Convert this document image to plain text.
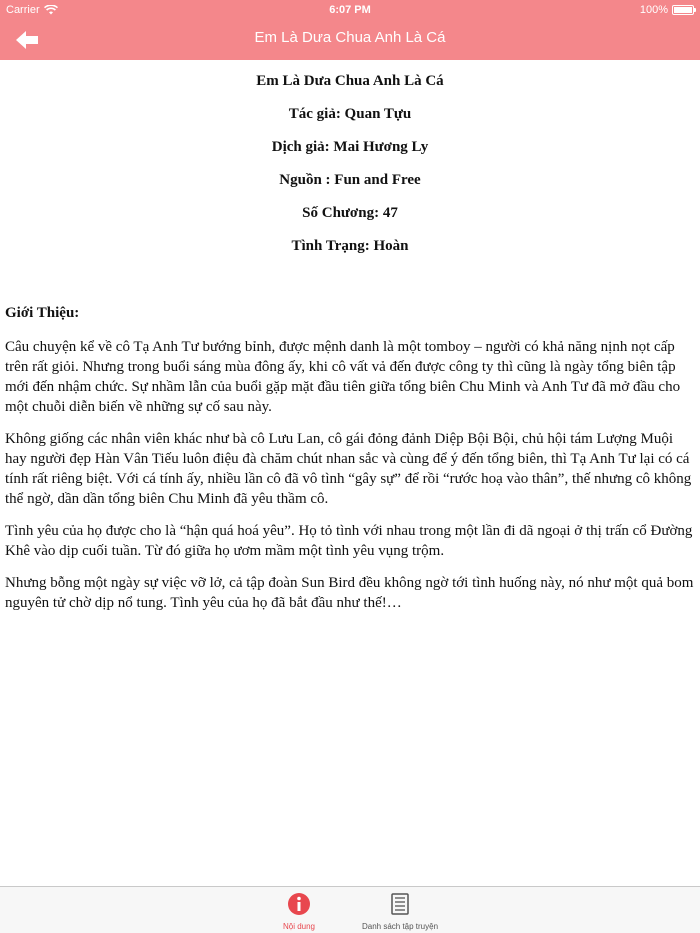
Carrier	6:07 PM	100%
Em Là Dưa Chua Anh Là Cá
Em Là Dưa Chua Anh Là Cá
Tác giả: Quan Tựu
Dịch giả: Mai Hương Ly
Nguồn : Fun and Free
Số Chương: 47
Tình Trạng: Hoàn
Giới Thiệu:

Câu chuyện kể về cô Tạ Anh Tư bướng bỉnh, được mệnh danh là một tomboy – người có khả năng nịnh nọt cấp trên rất giỏi. Nhưng trong buổi sáng mùa đông ấy, khi cô vất vả đến được công ty thì cũng là ngày tổng biên tập mới đến nhậm chức. Sự nhầm lẫn của buổi gặp mặt đầu tiên giữa tổng biên Chu Minh và Anh Tư đã mở đầu cho một chuỗi diễn biến về những sự cố sau này.

Không giống các nhân viên khác như bà cô Lưu Lan, cô gái đỏng đảnh Diệp Bội Bội, chủ hội tám Lượng Muội hay người đẹp Hàn Vân Tiếu luôn điệu đà chăm chút nhan sắc và cùng để ý đến tổng biên, thì Tạ Anh Tư lại có cá tính rất riêng biệt. Với cá tính ấy, nhiều lần cô đã vô tình “gây sự” để rồi “rước hoạ vào thân”, thế nhưng cô không thể ngờ, dần dần tổng biên Chu Minh đã yêu thầm cô.

Tình yêu của họ được cho là “hận quá hoá yêu”. Họ tỏ tình với nhau trong một lần đi dã ngoại ở thị trấn cổ Đường Khê vào dịp cuối tuần. Từ đó giữa họ ươm mầm một tình yêu vụng trộm.

Nhưng bỗng một ngày sự việc vỡ lở, cả tập đoàn Sun Bird đều không ngờ tới tình huống này, nó như một quả bom nguyên tử chờ dịp nổ tung. Tình yêu của họ đã bắt đầu như thế!…

Nội dung	Danh sách tập truyện
